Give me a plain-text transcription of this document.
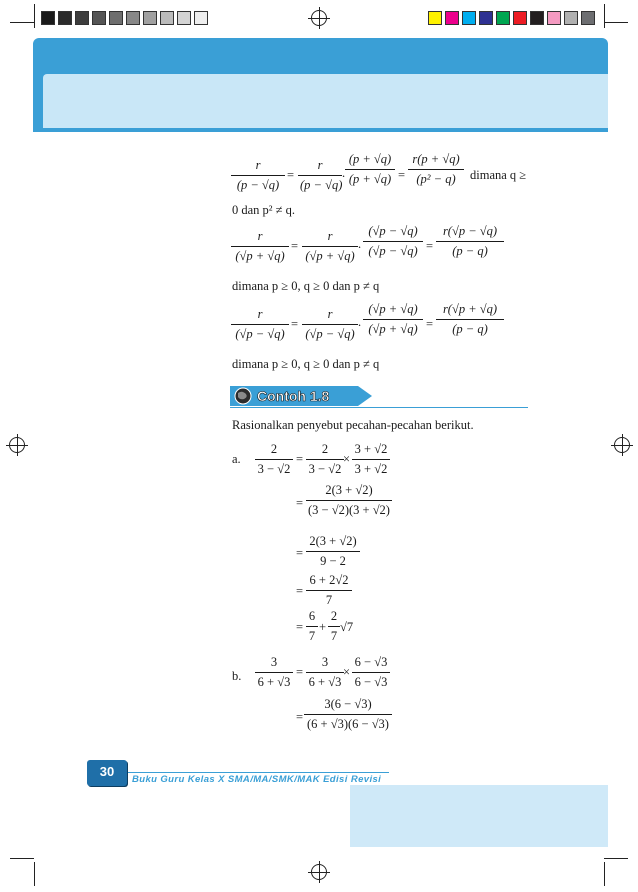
$\frac{r}{(p - √q)} = \frac{r}{(p - √q)}$ . $\frac{(p + √q)}{(p + √q)} = \frac{r(p + √q)}{\text{(p² − q)}}$ dimana q ≥
0 dan p² ≠ q.
$\frac{r}{(√p + √q)} = \frac{r}{(√p + √q)}$ . $\frac{(√p - √q)}{(√p - √q)} = \frac{r(√p - √q)}{(p - q)}$
dimana p ≥ 0, q ≥ 0 dan p ≠ q
$\frac{r}{(√p - √q)} = \frac{r}{(√p - √q)}$ . $\frac{(√p + √q)}{(√p + √q)} = \frac{r(√p + √q)}{(p - q)}$
dimana p ≥ 0, q ≥ 0 dan p ≠ q
Contoh 1.8
Rasionalkan penyebut pecahan-pecahan berikut.
a. $\frac{2}{3 - √2} = \frac{2}{3 - √2} \times \frac{3 + √2}{3 + √2}$
= $\frac{2(3 + √2)}{(3 - √2)(3 + √2)}$
= $\frac{2(3 + √2)}{9 - 2}$
= $\frac{6 + 2√2}{7}$
= $\frac{6}{7} + \frac{2}{7} √7$
b. $\frac{3}{6 + √3} = \frac{3}{6 + √3} \times \frac{6 - √3}{6 - √3}$
= $\frac{3(6 - √3)}{(6 + √3)(6 - √3)}$
30
Buku Guru Kelas X SMA/MA/SMK/MAK Edisi Revisi
